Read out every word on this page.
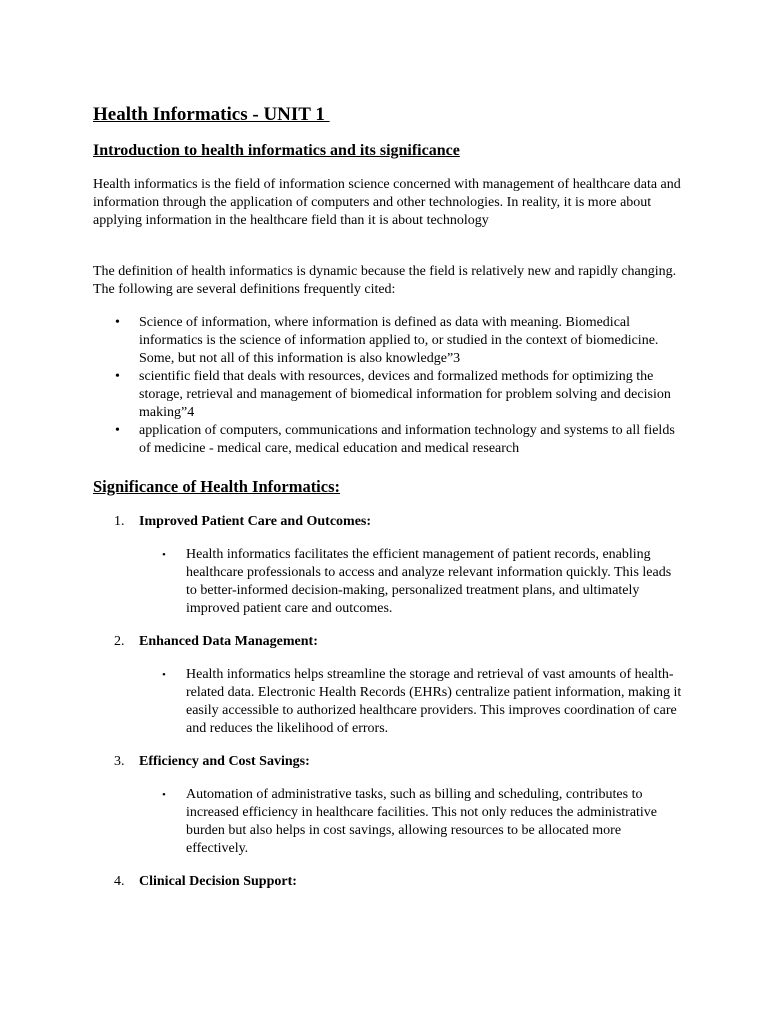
Health Informatics - UNIT 1
Introduction to health informatics and its significance

Health informatics is the field of information science concerned with management of healthcare data and information through the application of computers and other technologies. In reality, it is more about applying information in the healthcare field than it is about technology

The definition of health informatics is dynamic because the field is relatively new and rapidly changing. The following are several definitions frequently cited:

• Science of information, where information is defined as data with meaning. Biomedical informatics is the science of information applied to, or studied in the context of biomedicine. Some, but not all of this information is also knowledge”3
• scientific field that deals with resources, devices and formalized methods for optimizing the storage, retrieval and management of biomedical information for problem solving and decision making”4
• application of computers, communications and information technology and systems to all fields of medicine - medical care, medical education and medical research
Significance of Health Informatics:
1. Improved Patient Care and Outcomes:
• Health informatics facilitates the efficient management of patient records, enabling healthcare professionals to access and analyze relevant information quickly. This leads to better-informed decision-making, personalized treatment plans, and ultimately improved patient care and outcomes.
2. Enhanced Data Management:
• Health informatics helps streamline the storage and retrieval of vast amounts of health-related data. Electronic Health Records (EHRs) centralize patient information, making it easily accessible to authorized healthcare providers. This improves coordination of care and reduces the likelihood of errors.
3. Efficiency and Cost Savings:
• Automation of administrative tasks, such as billing and scheduling, contributes to increased efficiency in healthcare facilities. This not only reduces the administrative burden but also helps in cost savings, allowing resources to be allocated more effectively.
4. Clinical Decision Support:
